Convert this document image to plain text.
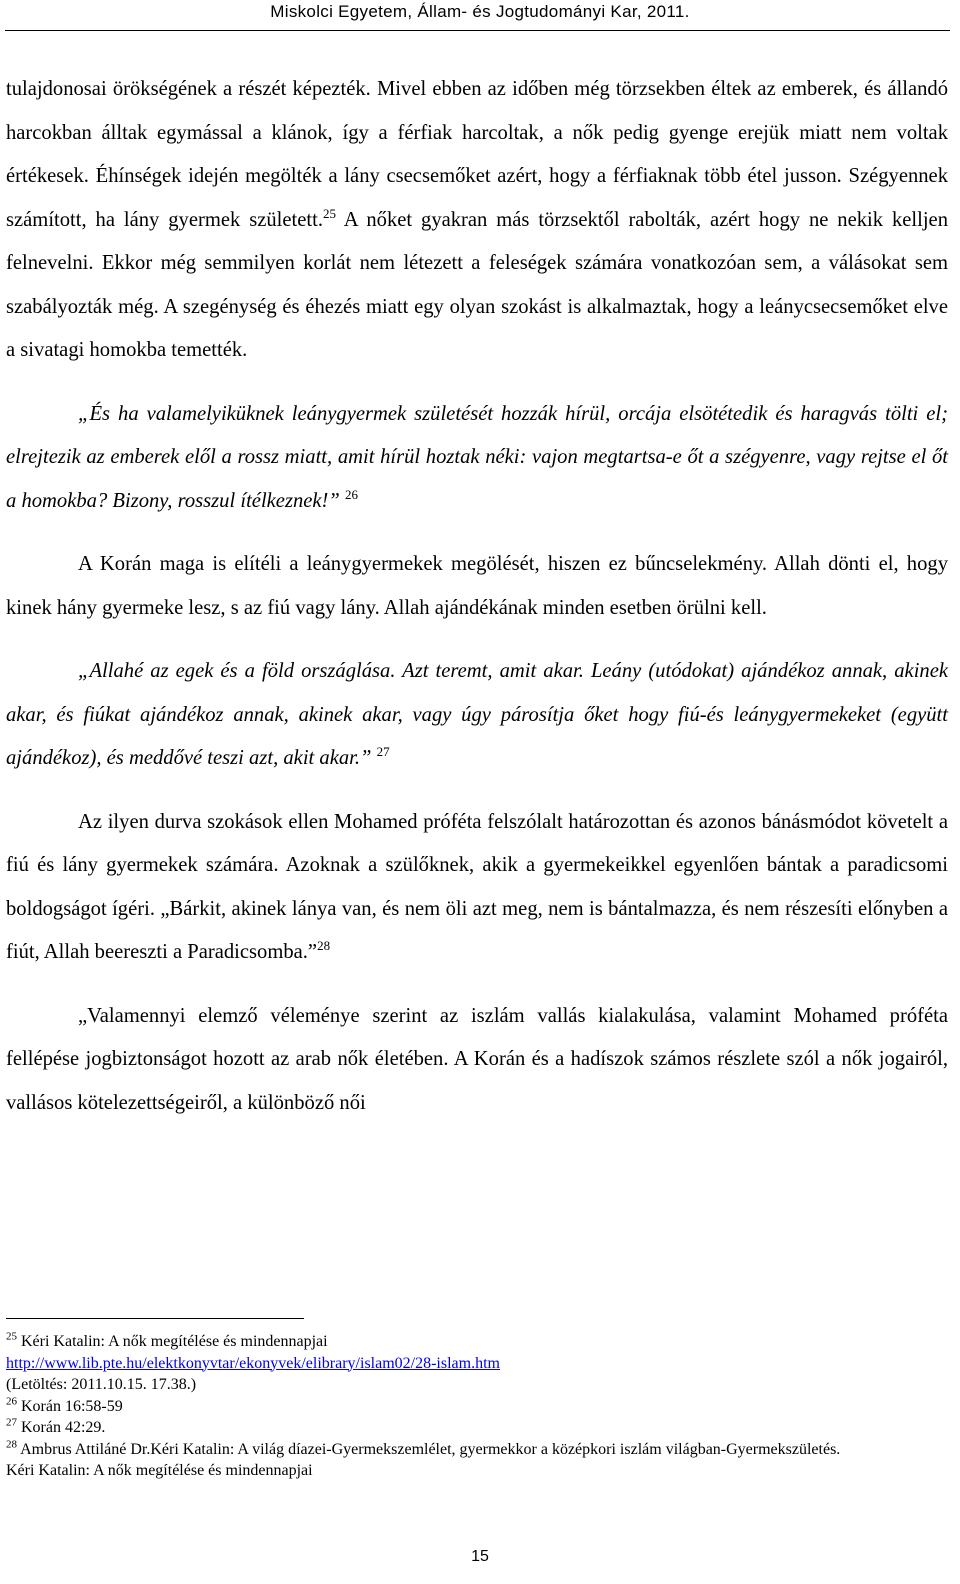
Miskolci Egyetem, Állam- és Jogtudományi Kar, 2011.

tulajdonosai örökségének a részét képezték. Mivel ebben az időben még törzsekben éltek az emberek, és állandó harcokban álltak egymással a klánok, így a férfiak harcoltak, a nők pedig gyenge erejük miatt nem voltak értékesek. Éhínségek idején megölték a lány csecsemőket azért, hogy a férfiaknak több étel jusson. Szégyennek számított, ha lány gyermek született.$^{25}$ A nőket gyakran más törzsektől rabolták, azért hogy ne nekik kelljen felnevelni. Ekkor még semmilyen korlát nem létezett a feleségek számára vonatkozóan sem, a válásokat sem szabályozták még. A szegénység és éhezés miatt egy olyan szokást is alkalmaztak, hogy a leánycsecsemőket elve a sivatagi homokba temették.

„És ha valamelyiküknek leánygyermek születését hozzák hírül, orcája elsötétedik és haragvás tölti el; elrejtezik az emberek elől a rossz miatt, amit hírül hoztak néki: vajon megtartsa-e őt a szégyenre, vagy rejtse el őt a homokba? Bizony, rosszul ítélkeznek!” $^{26}$

A Korán maga is elítéli a leánygyermekek megölését, hiszen ez bűncselekmény. Allah dönti el, hogy kinek hány gyermeke lesz, s az fiú vagy lány. Allah ajándékának minden esetben örülni kell.

„Allahé az egek és a föld országlása. Azt teremt, amit akar. Leány (utódokat) ajándékoz annak, akinek akar, és fiúkat ajándékoz annak, akinek akar, vagy úgy párosítja őket hogy fiú-és leánygyermekeket (együtt ajándékoz), és meddővé teszi azt, akit akar.” $^{27}$

Az ilyen durva szokások ellen Mohamed próféta felszólalt határozottan és azonos bánásmódot követelt a fiú és lány gyermekek számára. Azoknak a szülőknek, akik a gyermekeikkel egyenlően bántak a paradicsomi boldogságot ígéri. „Bárkit, akinek lánya van, és nem öli azt meg, nem is bántalmazza, és nem részesíti előnyben a fiút, Allah beereszti a Paradicsomba.”$^{28}$

„Valamennyi elemző véleménye szerint az iszlám vallás kialakulása, valamint Mohamed próféta fellépése jogbiztonságot hozott az arab nők életében. A Korán és a hadíszok számos részlete szól a nők jogairól, vallásos kötelezettségeiről, a különböző női

$^{25}$ Kéri Katalin: A nők megítélése és mindennapjai

http://www.lib.pte.hu/elektkonyvtar/ekonyvek/elibrary/islam02/28-islam.htm

(Letöltés: 2011.10.15. 17.38.)

$^{26}$ Korán 16:58-59

$^{27}$ Korán 42:29.

$^{28}$ Ambrus Attiláné Dr.Kéri Katalin: A világ díazei-Gyermekszemlélet, gyermekkor a középkori iszlám világban-Gyermekszületés.

Kéri Katalin: A nők megítélése és mindennapjai

15
